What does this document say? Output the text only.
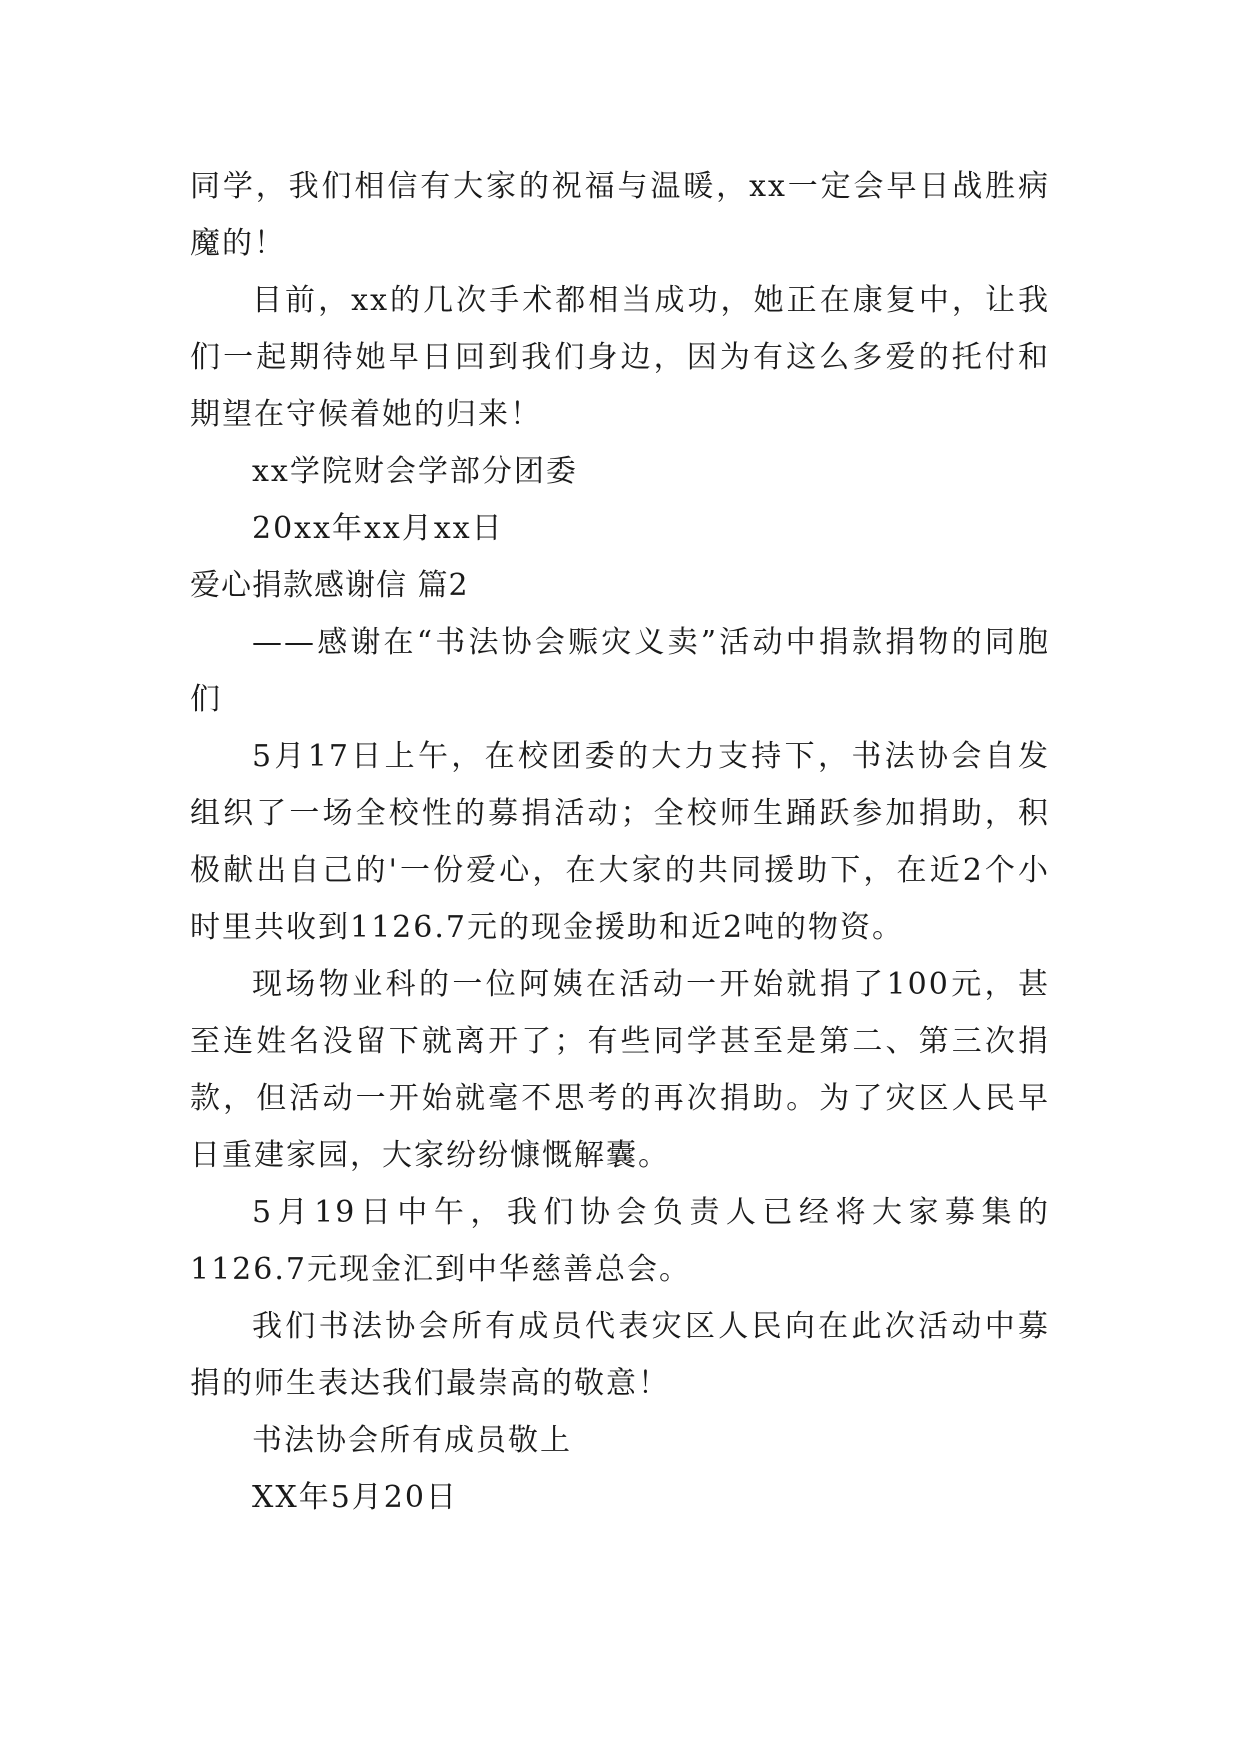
同学，我们相信有大家的祝福与温暖，xx一定会早日战胜病魔的！

目前，xx的几次手术都相当成功，她正在康复中，让我们一起期待她早日回到我们身边，因为有这么多爱的托付和期望在守候着她的归来！

xx学院财会学部分团委

20xx年xx月xx日

爱心捐款感谢信 篇2

——感谢在“书法协会赈灾义卖”活动中捐款捐物的同胞们

5月17日上午，在校团委的大力支持下，书法协会自发组织了一场全校性的募捐活动；全校师生踊跃参加捐助，积极献出自己的'一份爱心，在大家的共同援助下，在近2个小时里共收到1126.7元的现金援助和近2吨的物资。

现场物业科的一位阿姨在活动一开始就捐了100元，甚至连姓名没留下就离开了；有些同学甚至是第二、第三次捐款，但活动一开始就毫不思考的再次捐助。为了灾区人民早日重建家园，大家纷纷慷慨解囊。

5月19日中午，我们协会负责人已经将大家募集的1126.7元现金汇到中华慈善总会。

我们书法协会所有成员代表灾区人民向在此次活动中募捐的师生表达我们最崇高的敬意！

书法协会所有成员敬上

XX年5月20日
